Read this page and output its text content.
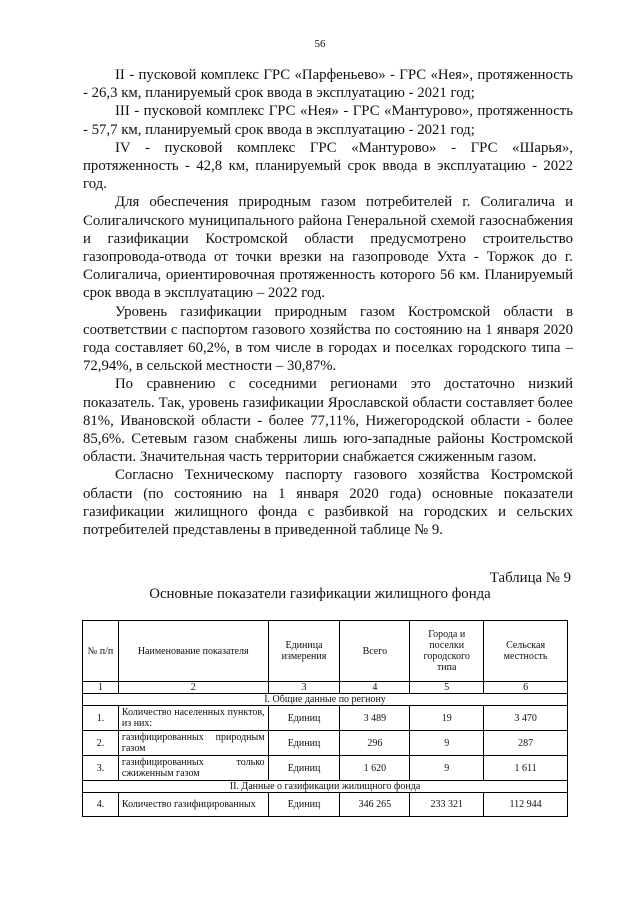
56

II - пусковой комплекс ГРС «Парфеньево» - ГРС «Нея», протяженность - 26,3 км, планируемый срок ввода в эксплуатацию - 2021 год;

III - пусковой комплекс ГРС «Нея» - ГРС «Мантурово», протяженность - 57,7 км, планируемый срок ввода в эксплуатацию - 2021 год;

IV - пусковой комплекс ГРС «Мантурово» - ГРС «Шарья», протяженность - 42,8 км, планируемый срок ввода в эксплуатацию - 2022 год.

Для обеспечения природным газом потребителей г. Солигалича и Солигаличского муниципального района Генеральной схемой газоснабжения и газификации Костромской области предусмотрено строительство газопровода-отвода от точки врезки на газопроводе Ухта - Торжок до г. Солигалича, ориентировочная протяженность которого 56 км. Планируемый срок ввода в эксплуатацию – 2022 год.

Уровень газификации природным газом Костромской области в соответствии с паспортом газового хозяйства по состоянию на 1 января 2020 года составляет 60,2%, в том числе в городах и поселках городского типа – 72,94%, в сельской местности – 30,87%.

По сравнению с соседними регионами это достаточно низкий показатель. Так, уровень газификации Ярославской области составляет более 81%, Ивановской области - более 77,11%, Нижегородской области - более 85,6%. Сетевым газом снабжены лишь юго-западные районы Костромской области. Значительная часть территории снабжается сжиженным газом.

Согласно Техническому паспорту газового хозяйства Костромской области (по состоянию на 1 января 2020 года) основные показатели газификации жилищного фонда с разбивкой на городских и сельских потребителей представлены в приведенной таблице № 9.

Таблица № 9
Основные показатели газификации жилищного фонда
№ п/п	Наименование показателя	Единица измерения	Всего	Города и поселки городского типа	Сельская местность
1	2	3	4	5	6
I. Общие данные по регнону					
1.	Количество населенных пунктов, из них:	Единиц	3 489	19	3 470
2.	газифицированных природным газом	Единиц	296	9	287
3.	газифицированных только сжиженным газом	Единиц	1 620	9	1 611
II. Данные о газификации жилищного фонда					
4.	Количество газифицированных	Единиц	346 265	233 321	112 944
